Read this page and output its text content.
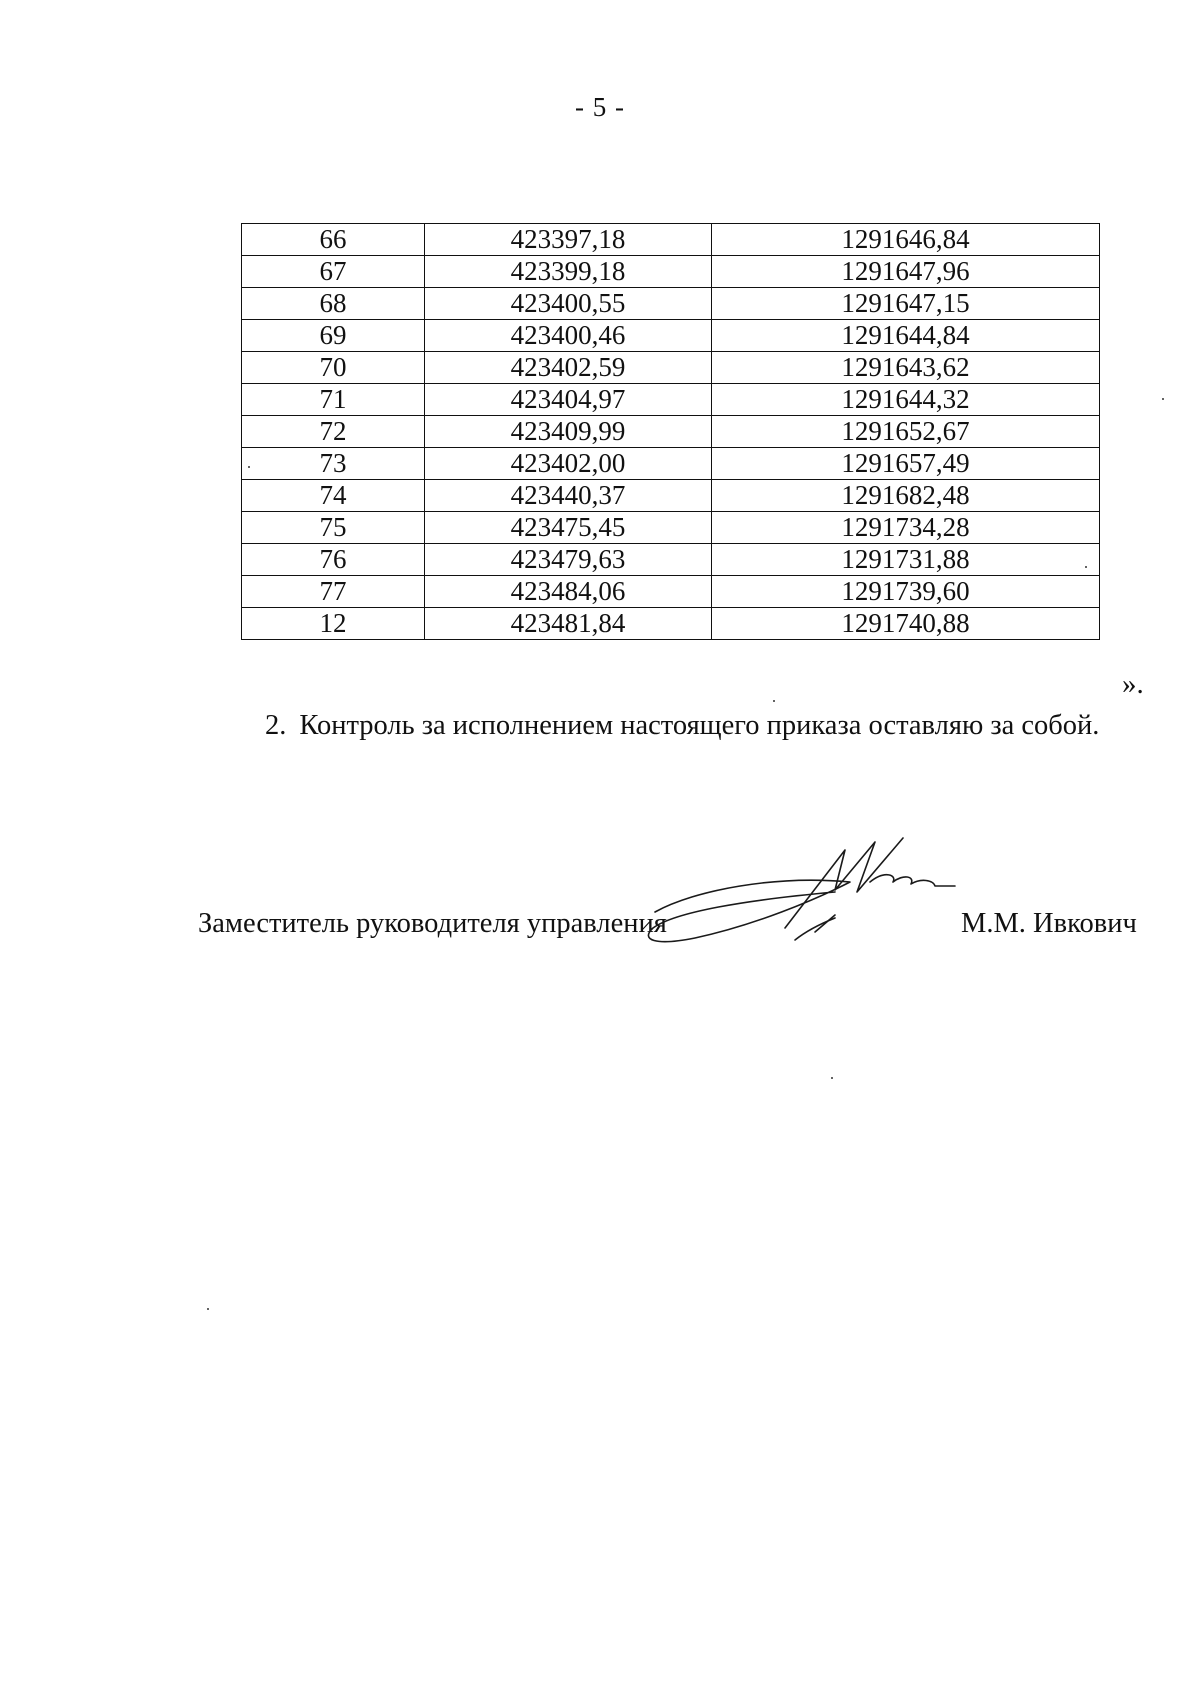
- 5 -
66	423397,18	1291646,84
67	423399,18	1291647,96
68	423400,55	1291647,15
69	423400,46	1291644,84
70	423402,59	1291643,62
71	423404,97	1291644,32
72	423409,99	1291652,67
73	423402,00	1291657,49
74	423440,37	1291682,48
75	423475,45	1291734,28
76	423479,63	1291731,88
77	423484,06	1291739,60
12	423481,84	1291740,88
».
2. Контроль за исполнением настоящего приказа оставляю за собой.
Заместитель руководителя управления	М.М. Ивкович
